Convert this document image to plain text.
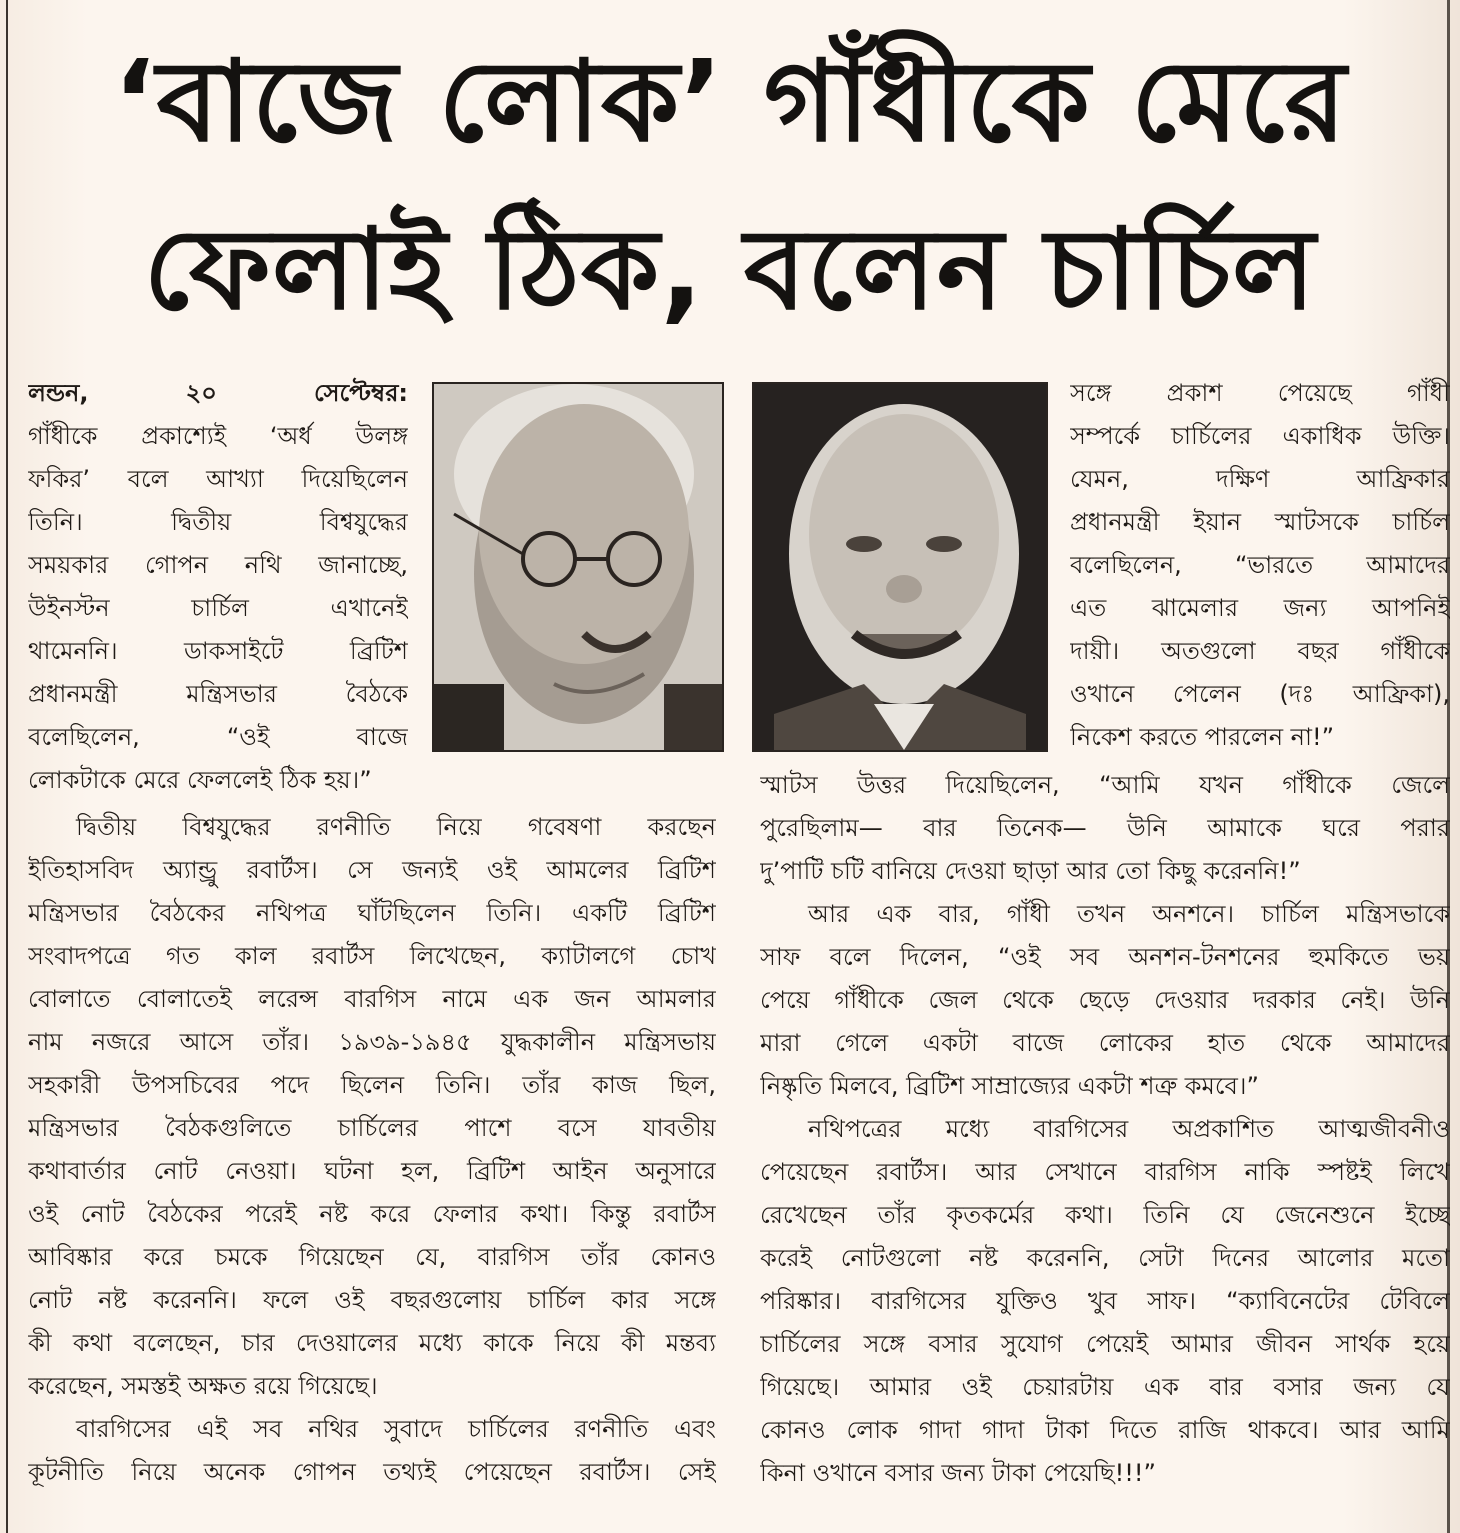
‘বাজে লোক’ গাঁধীকে মেরে
ফেলাই ঠিক, বলেন চার্চিল
লন্ডন, ২০ সেপ্টেম্বর:
গাঁধীকে প্রকাশ্যেই ‘অর্ধ উলঙ্গ
ফকির’ বলে আখ্যা দিয়েছিলেন
তিনি। দ্বিতীয় বিশ্বযুদ্ধের
সময়কার গোপন নথি জানাচ্ছে,
উইনস্টন চার্চিল এখানেই
থামেননি। ডাকসাইটে ব্রিটিশ
প্রধানমন্ত্রী মন্ত্রিসভার বৈঠকে
বলেছিলেন, “ওই বাজে
লোকটাকে মেরে ফেললেই ঠিক হয়।”
সঙ্গে প্রকাশ পেয়েছে গাঁধী
সম্পর্কে চার্চিলের একাধিক উক্তি।
যেমন, দক্ষিণ আফ্রিকার
প্রধানমন্ত্রী ইয়ান স্মাটসকে চার্চিল
বলেছিলেন, “ভারতে আমাদের
এত ঝামেলার জন্য আপনিই
দায়ী। অতগুলো বছর গাঁধীকে
ওখানে পেলেন (দঃ আফ্রিকা),
নিকেশ করতে পারলেন না!”
দ্বিতীয় বিশ্বযুদ্ধের রণনীতি নিয়ে গবেষণা করছেন
ইতিহাসবিদ অ্যান্ড্রু রবার্টস। সে জন্যই ওই আমলের ব্রিটিশ
মন্ত্রিসভার বৈঠকের নথিপত্র ঘাঁটছিলেন তিনি। একটি ব্রিটিশ
সংবাদপত্রে গত কাল রবার্টস লিখেছেন, ক্যাটালগে চোখ
বোলাতে বোলাতেই লরেন্স বারগিস নামে এক জন আমলার
নাম নজরে আসে তাঁর। ১৯৩৯-১৯৪৫ যুদ্ধকালীন মন্ত্রিসভায়
সহকারী উপসচিবের পদে ছিলেন তিনি। তাঁর কাজ ছিল,
মন্ত্রিসভার বৈঠকগুলিতে চার্চিলের পাশে বসে যাবতীয়
কথাবার্তার নোট নেওয়া। ঘটনা হল, ব্রিটিশ আইন অনুসারে
ওই নোট বৈঠকের পরেই নষ্ট করে ফেলার কথা। কিন্তু রবার্টস
আবিষ্কার করে চমকে গিয়েছেন যে, বারগিস তাঁর কোনও
নোট নষ্ট করেননি। ফলে ওই বছরগুলোয় চার্চিল কার সঙ্গে
কী কথা বলেছেন, চার দেওয়ালের মধ্যে কাকে নিয়ে কী মন্তব্য
করেছেন, সমস্তই অক্ষত রয়ে গিয়েছে।
বারগিসের এই সব নথির সুবাদে চার্চিলের রণনীতি এবং
কূটনীতি নিয়ে অনেক গোপন তথ্যই পেয়েছেন রবার্টস। সেই
স্মাটস উত্তর দিয়েছিলেন, “আমি যখন গাঁধীকে জেলে
পুরেছিলাম— বার তিনেক— উনি আমাকে ঘরে পরার
দু’পাটি চটি বানিয়ে দেওয়া ছাড়া আর তো কিছু করেননি!”
আর এক বার, গাঁধী তখন অনশনে। চার্চিল মন্ত্রিসভাকে
সাফ বলে দিলেন, “ওই সব অনশন-টনশনের হুমকিতে ভয়
পেয়ে গাঁধীকে জেল থেকে ছেড়ে দেওয়ার দরকার নেই। উনি
মারা গেলে একটা বাজে লোকের হাত থেকে আমাদের
নিষ্কৃতি মিলবে, ব্রিটিশ সাম্রাজ্যের একটা শত্রু কমবে।”
নথিপত্রের মধ্যে বারগিসের অপ্রকাশিত আত্মজীবনীও
পেয়েছেন রবার্টস। আর সেখানে বারগিস নাকি স্পষ্টই লিখে
রেখেছেন তাঁর কৃতকর্মের কথা। তিনি যে জেনেশুনে ইচ্ছে
করেই নোটগুলো নষ্ট করেননি, সেটা দিনের আলোর মতো
পরিষ্কার। বারগিসের যুক্তিও খুব সাফ। “ক্যাবিনেটের টেবিলে
চার্চিলের সঙ্গে বসার সুযোগ পেয়েই আমার জীবন সার্থক হয়ে
গিয়েছে। আমার ওই চেয়ারটায় এক বার বসার জন্য যে
কোনও লোক গাদা গাদা টাকা দিতে রাজি থাকবে। আর আমি
কিনা ওখানে বসার জন্য টাকা পেয়েছি!!!”
